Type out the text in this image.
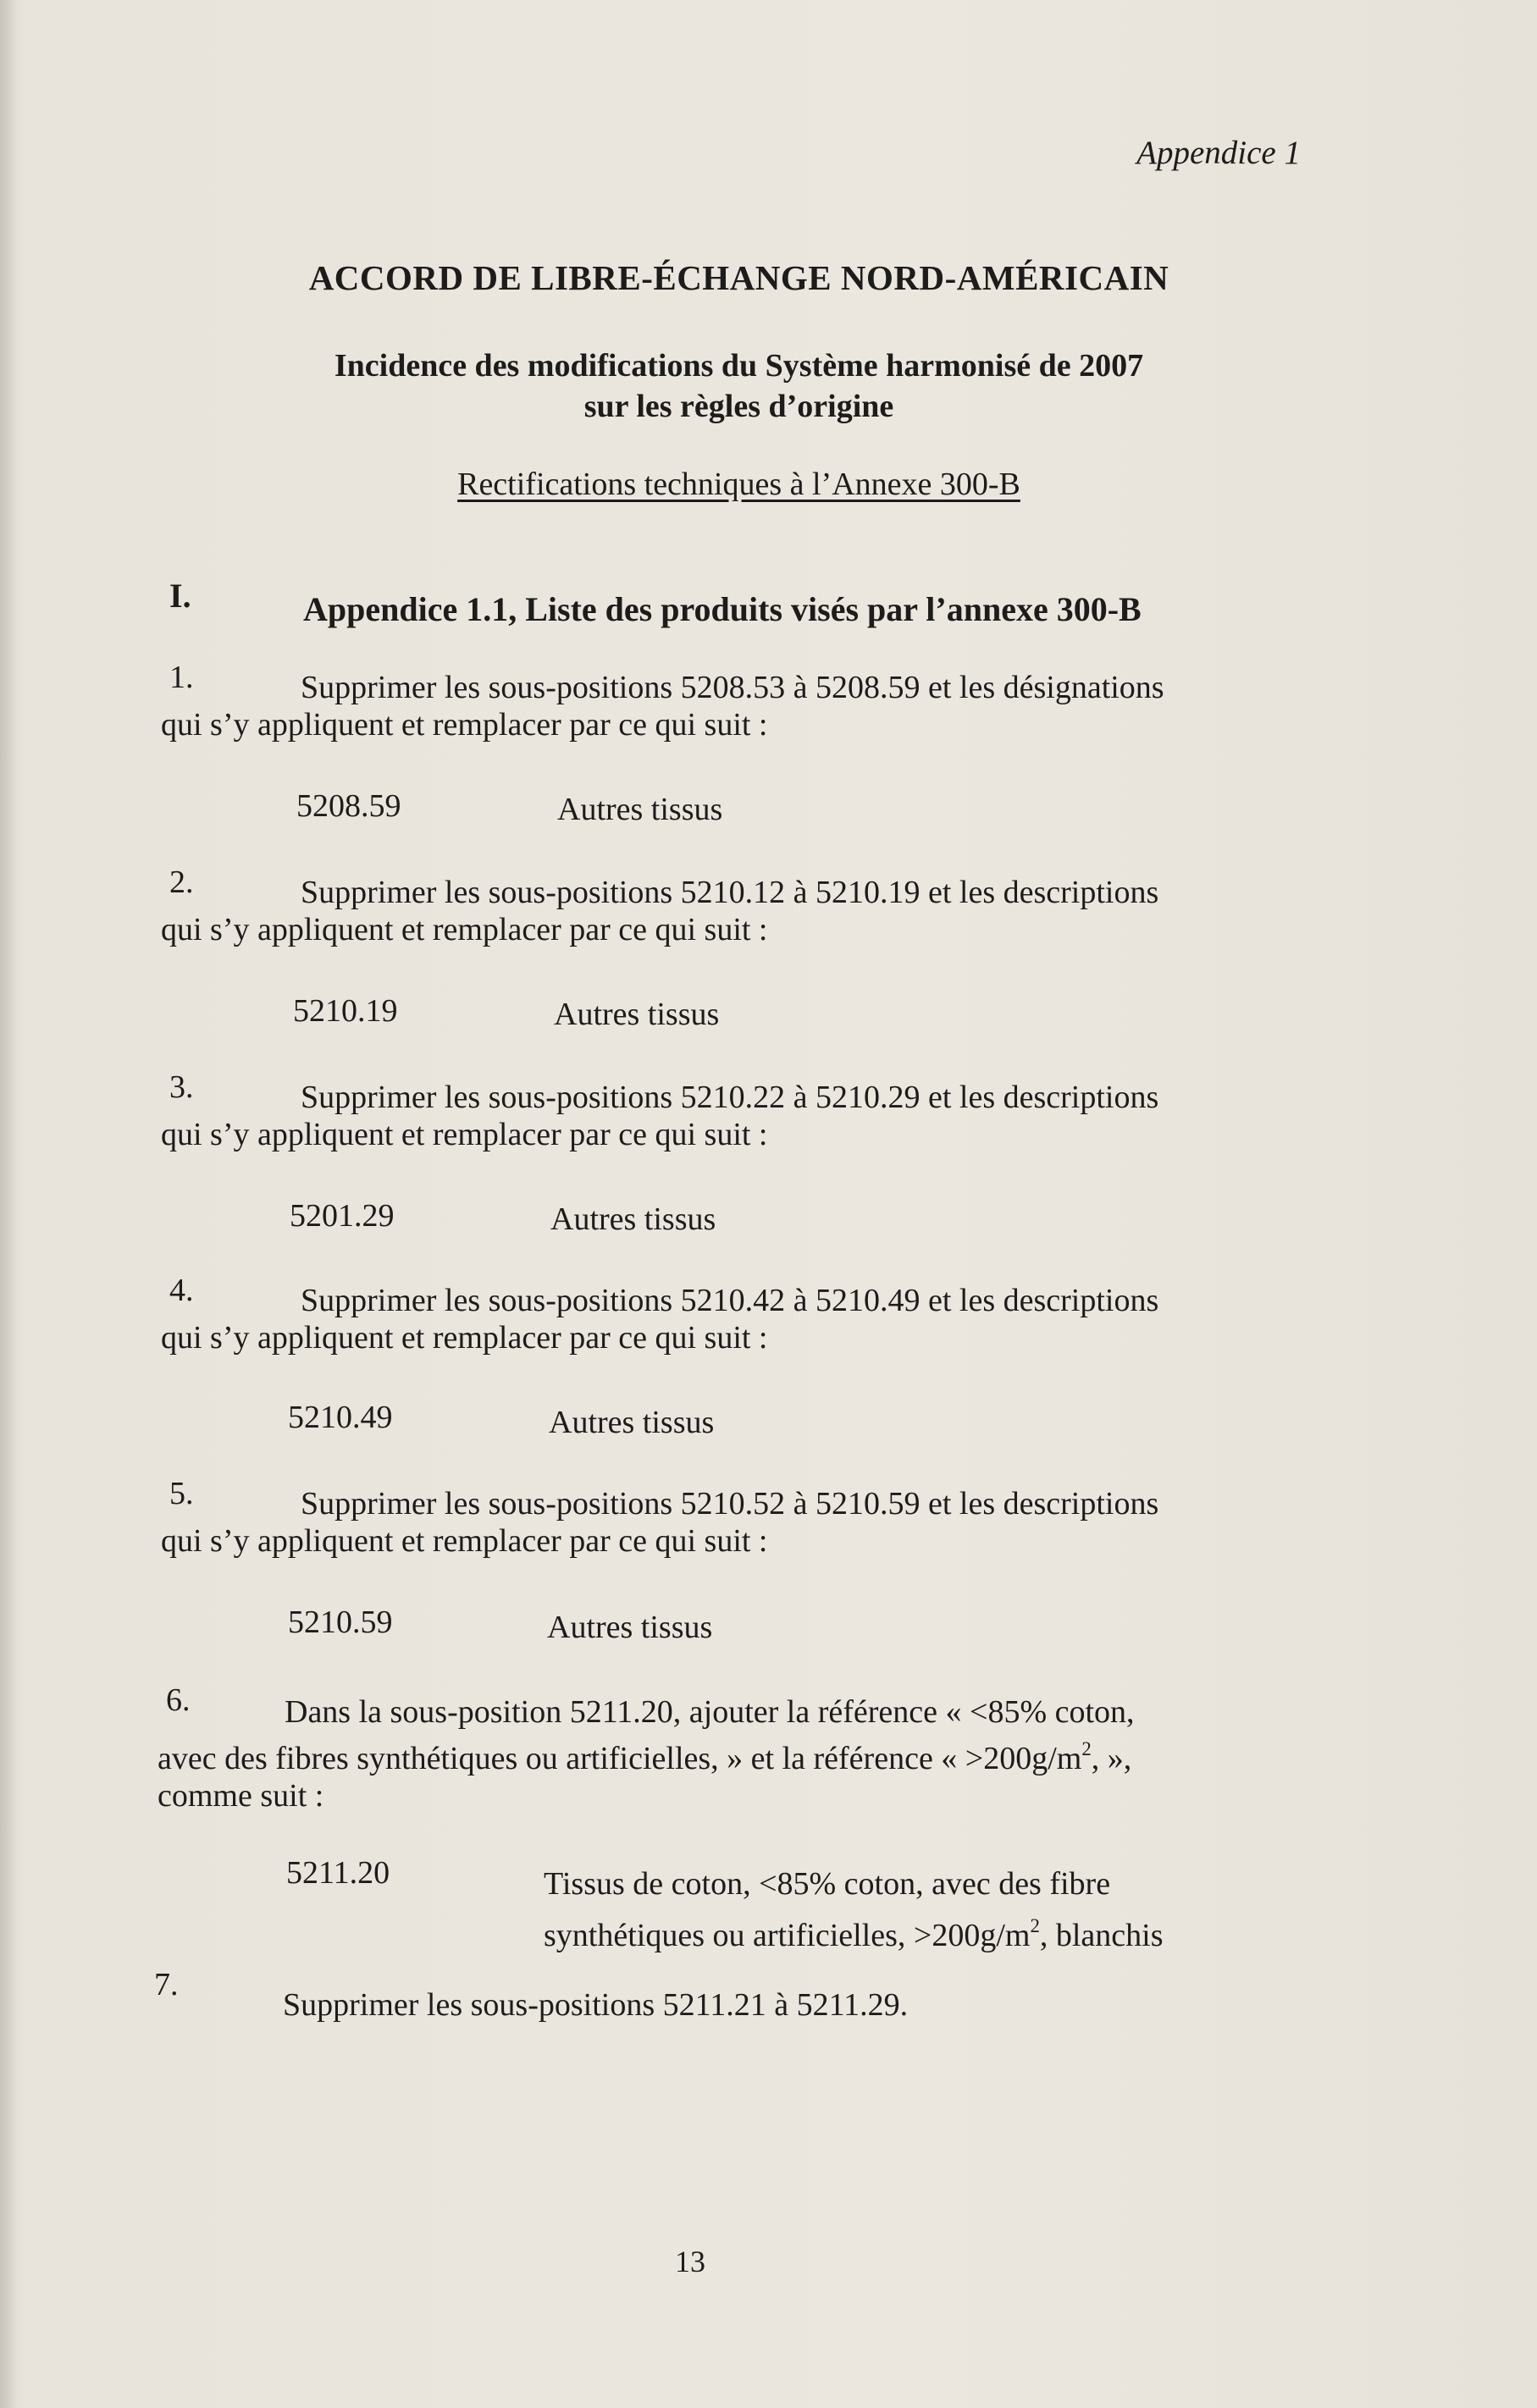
Appendice 1
ACCORD DE LIBRE-ÉCHANGE NORD-AMÉRICAIN
Incidence des modifications du Système harmonisé de 2007
sur les règles d’origine
Rectifications techniques à l’Annexe 300-B
I.	Appendice 1.1, Liste des produits visés par l’annexe 300-B
1.	Supprimer les sous-positions 5208.53 à 5208.59 et les désignations
qui s’y appliquent et remplacer par ce qui suit :
5208.59	Autres tissus
2.	Supprimer les sous-positions 5210.12 à 5210.19 et les descriptions
qui s’y appliquent et remplacer par ce qui suit :
5210.19	Autres tissus
3.	Supprimer les sous-positions 5210.22 à 5210.29 et les descriptions
qui s’y appliquent et remplacer par ce qui suit :
5201.29	Autres tissus
4.	Supprimer les sous-positions 5210.42 à 5210.49 et les descriptions
qui s’y appliquent et remplacer par ce qui suit :
5210.49	Autres tissus
5.	Supprimer les sous-positions 5210.52 à 5210.59 et les descriptions
qui s’y appliquent et remplacer par ce qui suit :
5210.59	Autres tissus
6.	Dans la sous-position 5211.20, ajouter la référence « <85% coton,
avec des fibres synthétiques ou artificielles, » et la référence « $>200g/m^2$, »,
comme suit :
5211.20	Tissus de coton, <85% coton, avec des fibre
synthétiques ou artificielles, $>200g/m^2$, blanchis
7.
Supprimer les sous-positions 5211.21 à 5211.29.
13
